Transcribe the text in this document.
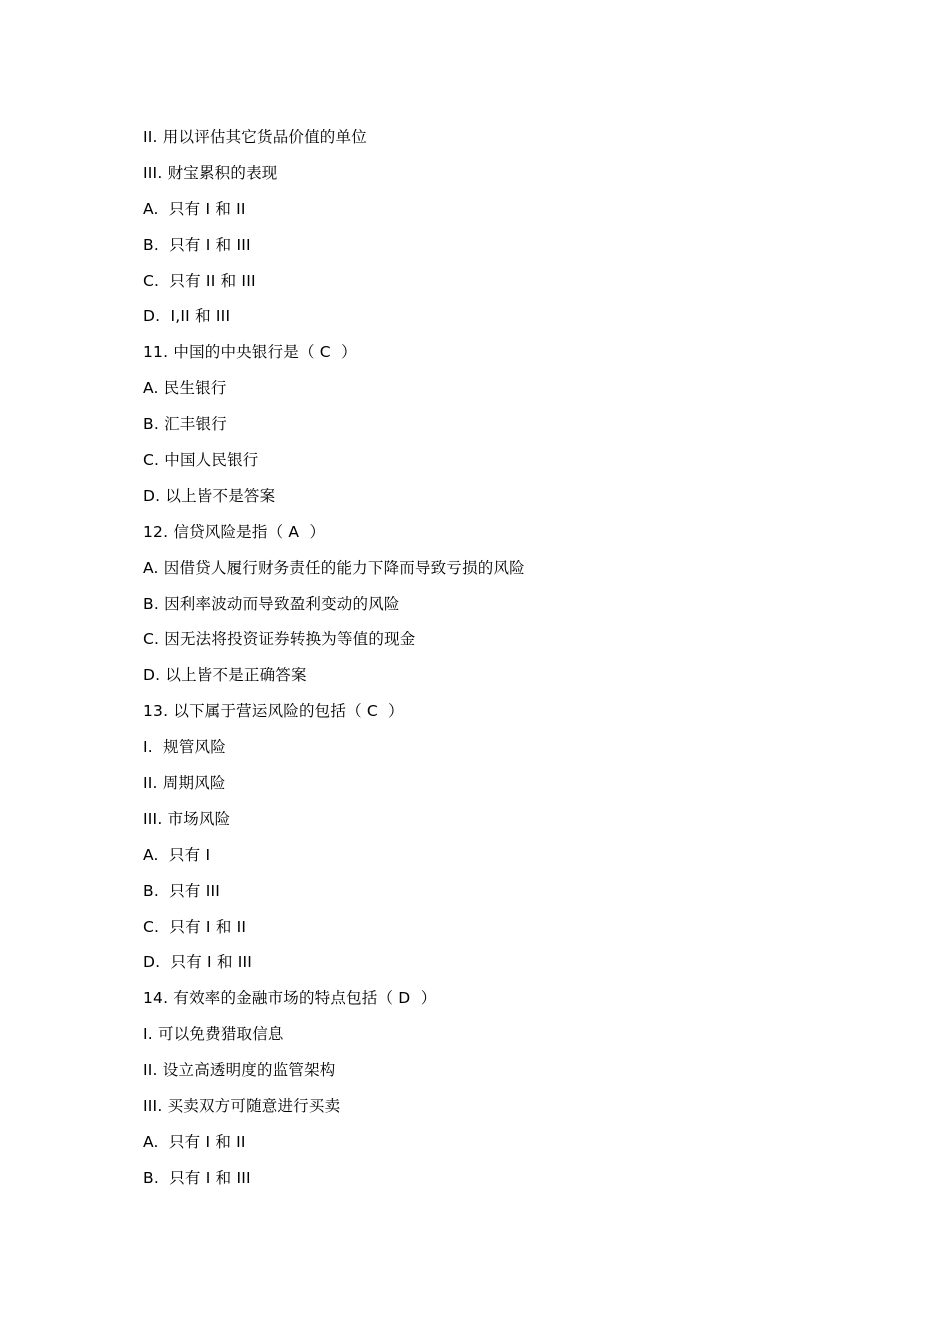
II. 用以评估其它货品价值的单位
III. 财宝累积的表现
A.  只有 I 和 II
B.  只有 I 和 III
C.  只有 II 和 III
D.  I,II 和 III
11. 中国的中央银行是（ C  ）
A. 民生银行
B. 汇丰银行
C. 中国人民银行
D. 以上皆不是答案
12. 信贷风险是指（ A  ）
A. 因借贷人履行财务责任的能力下降而导致亏损的风险
B. 因利率波动而导致盈利变动的风险
C. 因无法将投资证券转换为等值的现金
D. 以上皆不是正确答案
13. 以下属于营运风险的包括（ C  ）
I.  规管风险
II. 周期风险
III. 市场风险
A.  只有 I
B.  只有 III
C.  只有 I 和 II
D.  只有 I 和 III
14. 有效率的金融市场的特点包括（ D  ）
I. 可以免费猎取信息
II. 设立高透明度的监管架构
III. 买卖双方可随意进行买卖
A.  只有 I 和 II
B.  只有 I 和 III
